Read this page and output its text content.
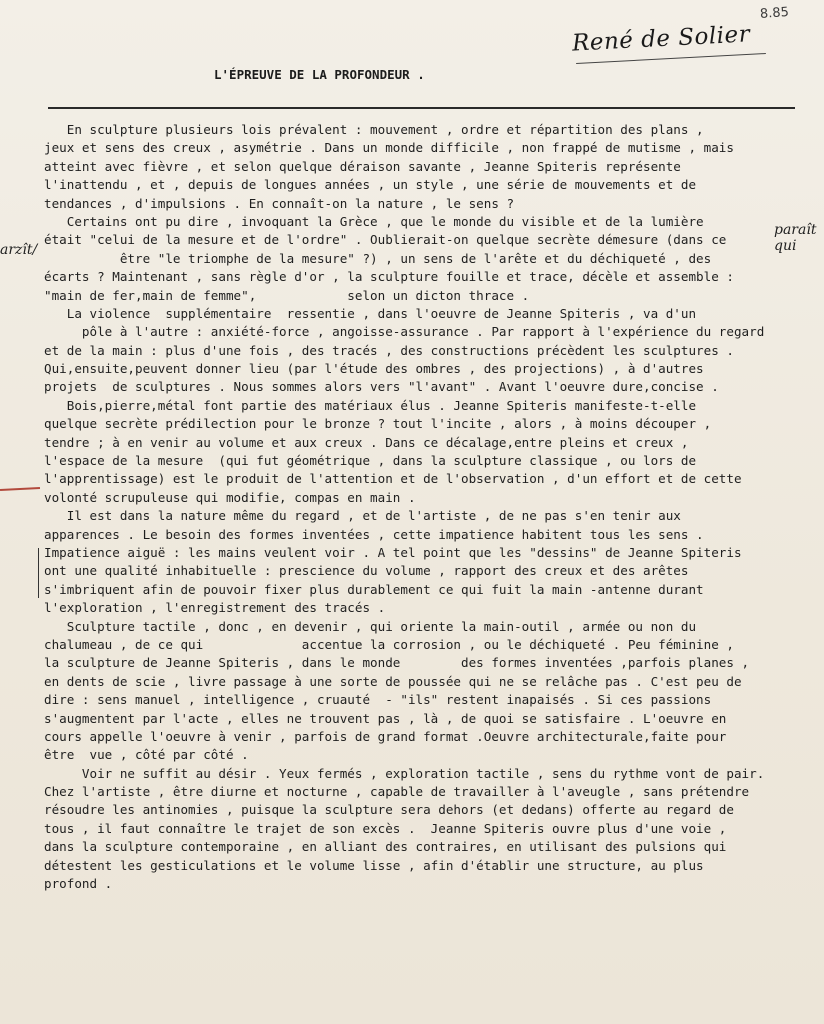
8.85
René de Solier
L'ÉPREUVE DE LA PROFONDEUR .
arzît/
paraît
qui
En sculpture plusieurs lois prévalent : mouvement , ordre et répartition des plans ,
jeux et sens des creux , asymétrie . Dans un monde difficile , non frappé de mutisme , mais
atteint avec fièvre , et selon quelque déraison savante , Jeanne Spiteris représente
l'inattendu , et , depuis de longues années , un style , une série de mouvements et de
tendances , d'impulsions . En connaît-on la nature , le sens ?
Certains ont pu dire , invoquant la Grèce , que le monde du visible et de la lumière
était "celui de la mesure et de l'ordre" . Oublierait-on quelque secrète démesure (dans ce
être "le triomphe de la mesure" ?) , un sens de l'arête et du déchiqueté , des
écarts ? Maintenant , sans règle d'or , la sculpture fouille et trace, décèle et assemble :
"main de fer,main de femme",            selon un dicton thrace .
La violence  supplémentaire  ressentie , dans l'oeuvre de Jeanne Spiteris , va d'un
pôle à l'autre : anxiété-force , angoisse-assurance . Par rapport à l'expérience du regard
et de la main : plus d'une fois , des tracés , des constructions précèdent les sculptures .
Qui,ensuite,peuvent donner lieu (par l'étude des ombres , des projections) , à d'autres
projets  de sculptures . Nous sommes alors vers "l'avant" . Avant l'oeuvre dure,concise .
Bois,pierre,métal font partie des matériaux élus . Jeanne Spiteris manifeste-t-elle
quelque secrète prédilection pour le bronze ? tout l'incite , alors , à moins découper ,
tendre ; à en venir au volume et aux creux . Dans ce décalage,entre pleins et creux ,
l'espace de la mesure  (qui fut géométrique , dans la sculpture classique , ou lors de
l'apprentissage) est le produit de l'attention et de l'observation , d'un effort et de cette
volonté scrupuleuse qui modifie, compas en main .
Il est dans la nature même du regard , et de l'artiste , de ne pas s'en tenir aux
apparences . Le besoin des formes inventées , cette impatience habitent tous les sens .
Impatience aiguë : les mains veulent voir . A tel point que les "dessins" de Jeanne Spiteris
ont une qualité inhabituelle : prescience du volume , rapport des creux et des arêtes
s'imbriquent afin de pouvoir fixer plus durablement ce qui fuit la main -antenne durant
l'exploration , l'enregistrement des tracés .
Sculpture tactile , donc , en devenir , qui oriente la main-outil , armée ou non du
chalumeau , de ce qui             accentue la corrosion , ou le déchiqueté . Peu féminine ,
la sculpture de Jeanne Spiteris , dans le monde        des formes inventées ,parfois planes ,
en dents de scie , livre passage à une sorte de poussée qui ne se relâche pas . C'est peu de
dire : sens manuel , intelligence , cruauté  - "ils" restent inapaisés . Si ces passions
s'augmentent par l'acte , elles ne trouvent pas , là , de quoi se satisfaire . L'oeuvre en
cours appelle l'oeuvre à venir , parfois de grand format .Oeuvre architecturale,faite pour
être  vue , côté par côté .
Voir ne suffit au désir . Yeux fermés , exploration tactile , sens du rythme vont de pair.
Chez l'artiste , être diurne et nocturne , capable de travailler à l'aveugle , sans prétendre
résoudre les antinomies , puisque la sculpture sera dehors (et dedans) offerte au regard de
tous , il faut connaître le trajet de son excès .  Jeanne Spiteris ouvre plus d'une voie ,
dans la sculpture contemporaine , en alliant des contraires, en utilisant des pulsions qui
détestent les gesticulations et le volume lisse , afin d'établir une structure, au plus
profond .
